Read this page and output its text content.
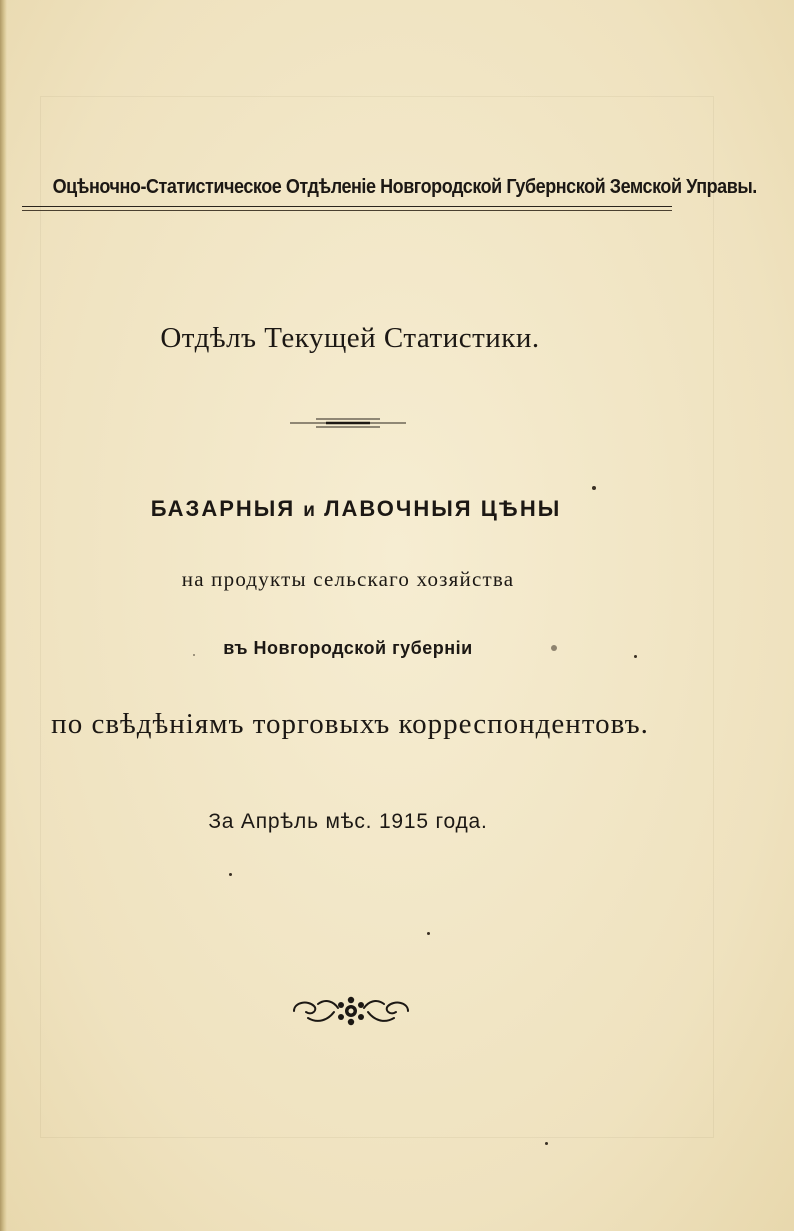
Оцѣночно-Статистическое Отдѣленіе Новгородской Губернской Земской Управы.
Отдѣлъ Текущей Статистики.
БАЗАРНЫЯ и ЛАВОЧНЫЯ ЦѢНЫ
на продукты сельскаго хозяйства
въ Новгородской губерніи
по свѣдѣніямъ торговыхъ корреспондентовъ.
За Апрѣль мѣс. 1915 года.
